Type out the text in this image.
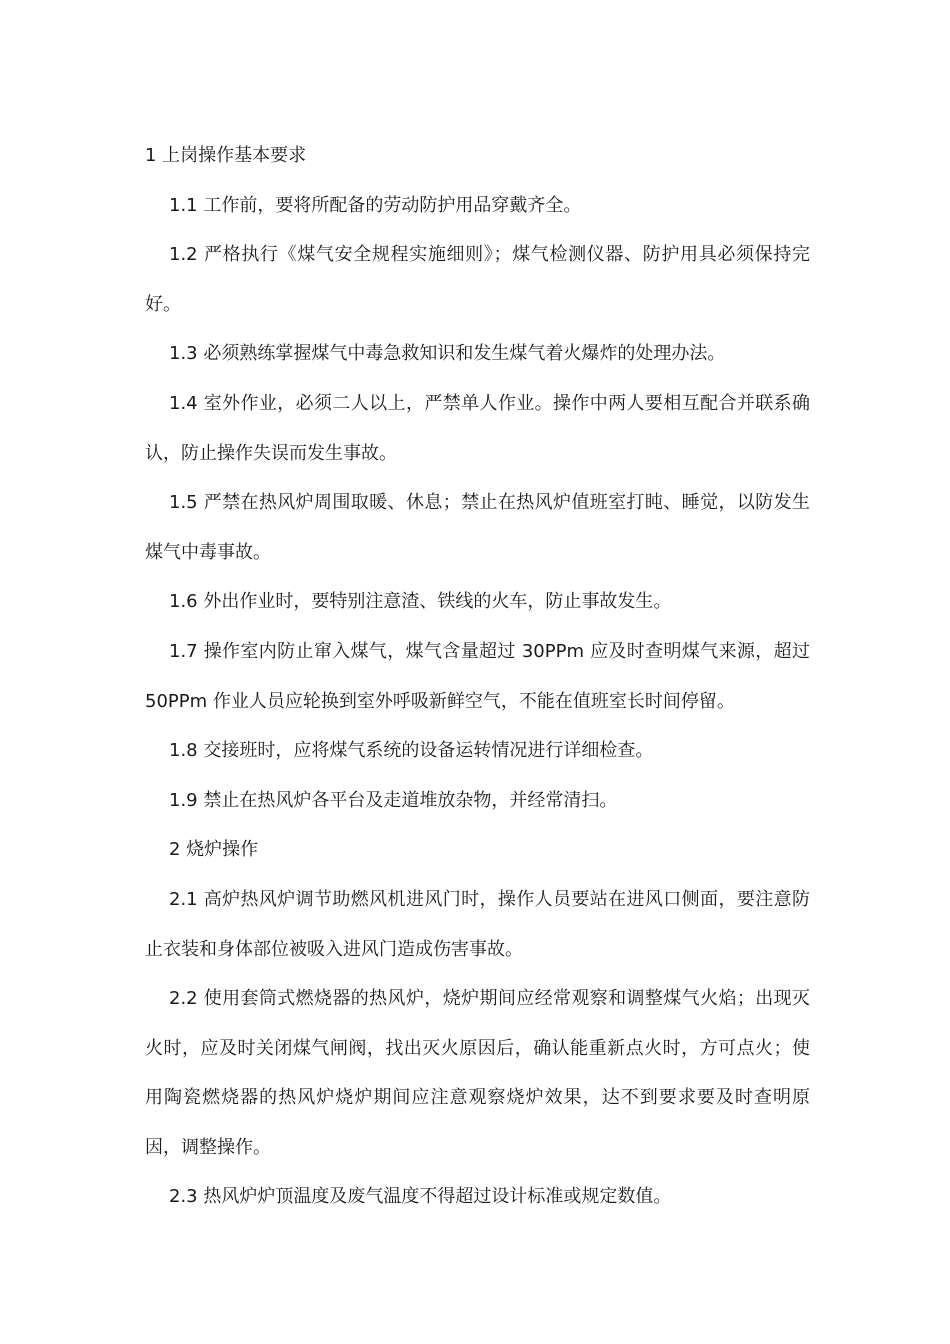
1 上岗操作基本要求

1.1 工作前，要将所配备的劳动防护用品穿戴齐全。

1.2 严格执行《煤气安全规程实施细则》；煤气检测仪器、防护用具必须保持完好。

1.3 必须熟练掌握煤气中毒急救知识和发生煤气着火爆炸的处理办法。

1.4 室外作业，必须二人以上，严禁单人作业。操作中两人要相互配合并联系确认，防止操作失误而发生事故。

1.5 严禁在热风炉周围取暖、休息；禁止在热风炉值班室打盹、睡觉，以防发生煤气中毒事故。

1.6 外出作业时，要特别注意渣、铁线的火车，防止事故发生。

1.7 操作室内防止窜入煤气，煤气含量超过 30PPm 应及时查明煤气来源，超过 50PPm 作业人员应轮换到室外呼吸新鲜空气，不能在值班室长时间停留。

1.8 交接班时，应将煤气系统的设备运转情况进行详细检查。

1.9 禁止在热风炉各平台及走道堆放杂物，并经常清扫。

2 烧炉操作

2.1 高炉热风炉调节助燃风机进风门时，操作人员要站在进风口侧面，要注意防止衣装和身体部位被吸入进风门造成伤害事故。

2.2 使用套筒式燃烧器的热风炉，烧炉期间应经常观察和调整煤气火焰；出现灭火时，应及时关闭煤气闸阀，找出灭火原因后，确认能重新点火时，方可点火；使用陶瓷燃烧器的热风炉烧炉期间应注意观察烧炉效果，达不到要求要及时查明原因，调整操作。

2.3 热风炉炉顶温度及废气温度不得超过设计标准或规定数值。
